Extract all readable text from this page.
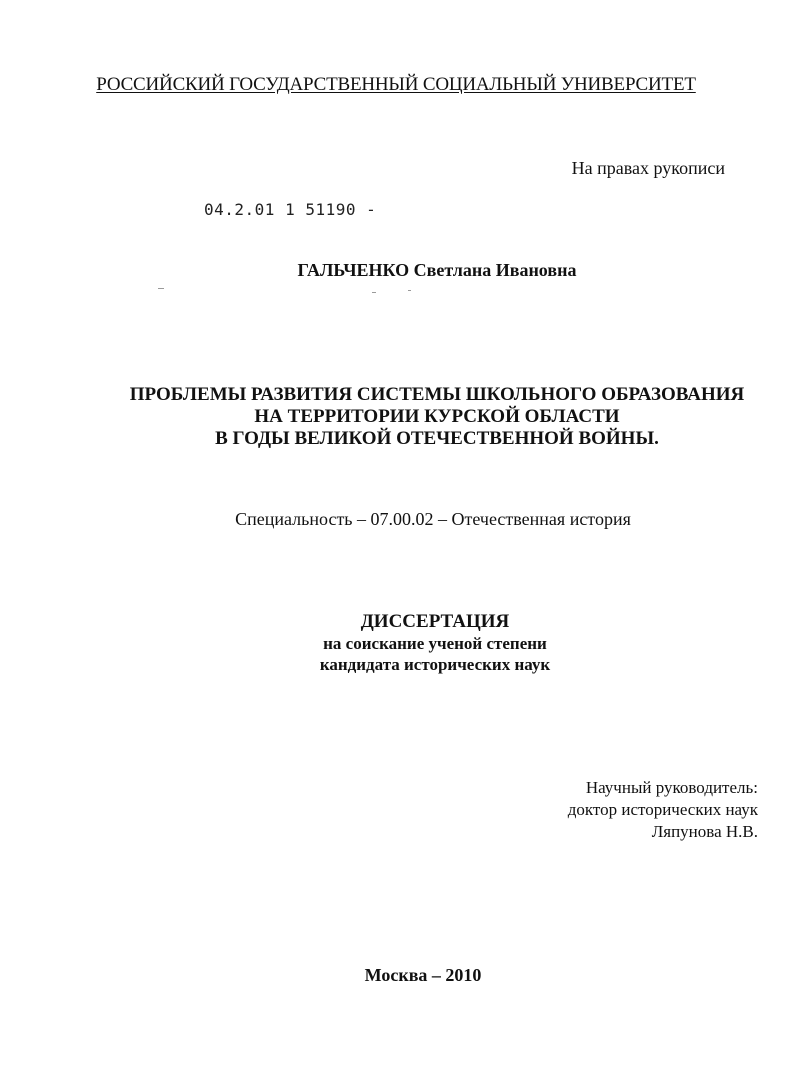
РОССИЙСКИЙ ГОСУДАРСТВЕННЫЙ СОЦИАЛЬНЫЙ УНИВЕРСИТЕТ
На правах рукописи
04.2.01 1 51190 -
ГАЛЬЧЕНКО Светлана Ивановна
ПРОБЛЕМЫ РАЗВИТИЯ СИСТЕМЫ ШКОЛЬНОГО ОБРАЗОВАНИЯ
НА ТЕРРИТОРИИ КУРСКОЙ ОБЛАСТИ
В ГОДЫ ВЕЛИКОЙ ОТЕЧЕСТВЕННОЙ ВОЙНЫ.
Специальность – 07.00.02 – Отечественная история
ДИССЕРТАЦИЯ
на соискание ученой степени
кандидата исторических наук
Научный руководитель:
доктор исторических наук
Ляпунова Н.В.
Москва – 2010
